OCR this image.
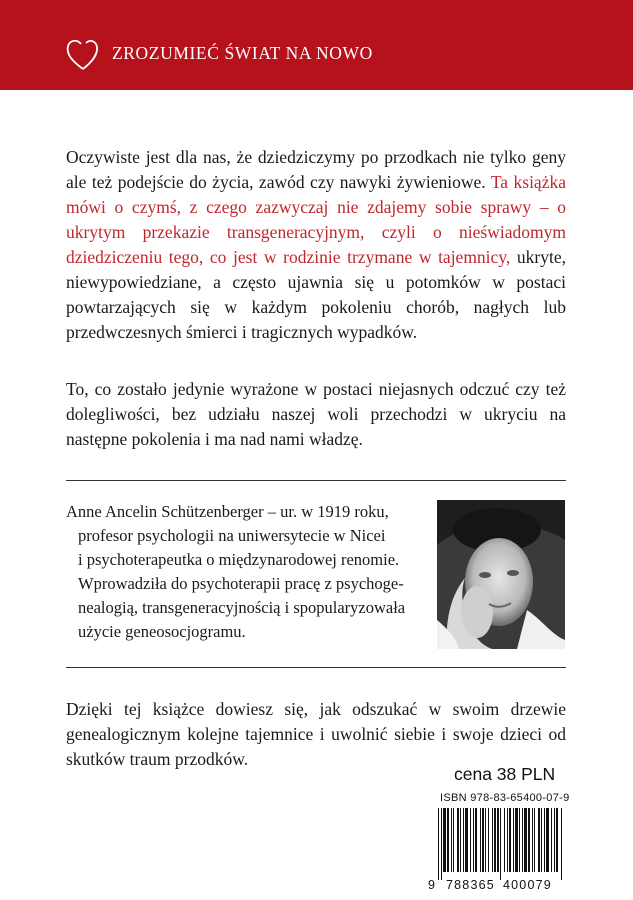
ZROZUMIEĆ ŚWIAT NA NOWO
Oczywiste jest dla nas, że dziedziczymy po przodkach nie tylko geny ale też podejście do życia, zawód czy nawyki żywieniowe. Ta książka mówi o czymś, z czego zazwyczaj nie zdajemy sobie sprawy – o ukrytym przekazie transgeneracyjnym, czyli o nieświadomym dziedziczeniu tego, co jest w rodzinie trzymane w tajemnicy, ukryte, niewypowiedziane, a często ujawnia się u potomków w postaci powtarzających się w każdym pokoleniu chorób, nagłych lub przedwczesnych śmierci i tragicznych wypadków.
To, co zostało jedynie wyrażone w postaci niejasnych odczuć czy też dolegliwości, bez udziału naszej woli przechodzi w ukryciu na następne pokolenia i ma nad nami władzę.
Anne Ancelin Schützenberger – ur. w 1919 roku,
profesor psychologii na uniwersytecie w Nicei
i psychoterapeutka o międzynarodowej renomie.
Wprowadziła do psychoterapii pracę z psychoge-
nealogią, transgeneracyjnością i spopularyzowała
użycie geneosocjogramu.
Dzięki tej książce dowiesz się, jak odszukać w swoim drzewie genealogicznym kolejne tajemnice i uwolnić siebie i swoje dzieci od skutków traum przodków.
cena 38 PLN
ISBN 978-83-65400-07-9
9 788365 400079
